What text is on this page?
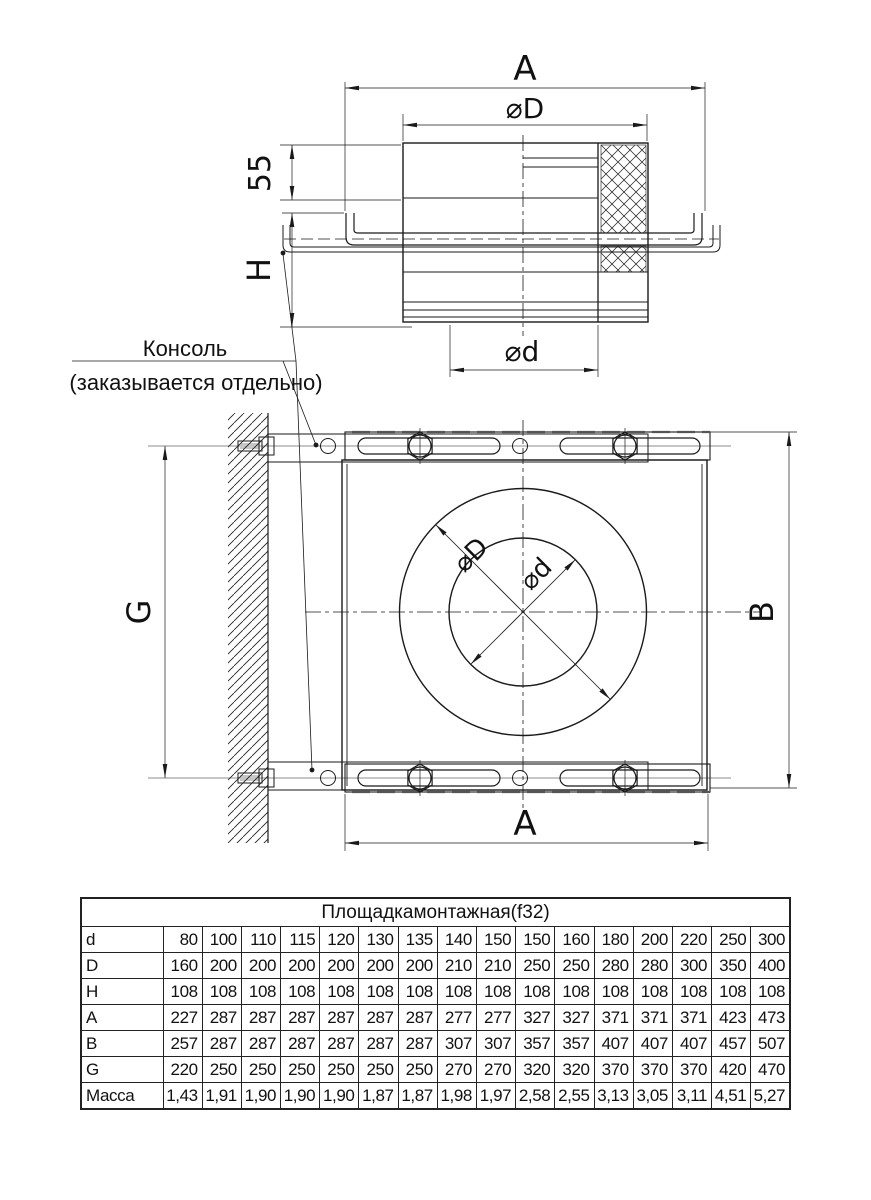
A
⌀D
55
H
⌀d
Консоль
(заказывается отдельно)
⌀D ⌀d
G	B
A
Площадкамонтажная(f32)																
d	80	100	110	115	120	130	135	140	150	150	160	180	200	220	250	300
D	160	200	200	200	200	200	200	210	210	250	250	280	280	300	350	400
H	108	108	108	108	108	108	108	108	108	108	108	108	108	108	108	108
A	227	287	287	287	287	287	287	277	277	327	327	371	371	371	423	473
B	257	287	287	287	287	287	287	307	307	357	357	407	407	407	457	507
G	220	250	250	250	250	250	250	270	270	320	320	370	370	370	420	470
Масса	1,43	1,91	1,90	1,90	1,90	1,87	1,87	1,98	1,97	2,58	2,55	3,13	3,05	3,11	4,51	5,27
